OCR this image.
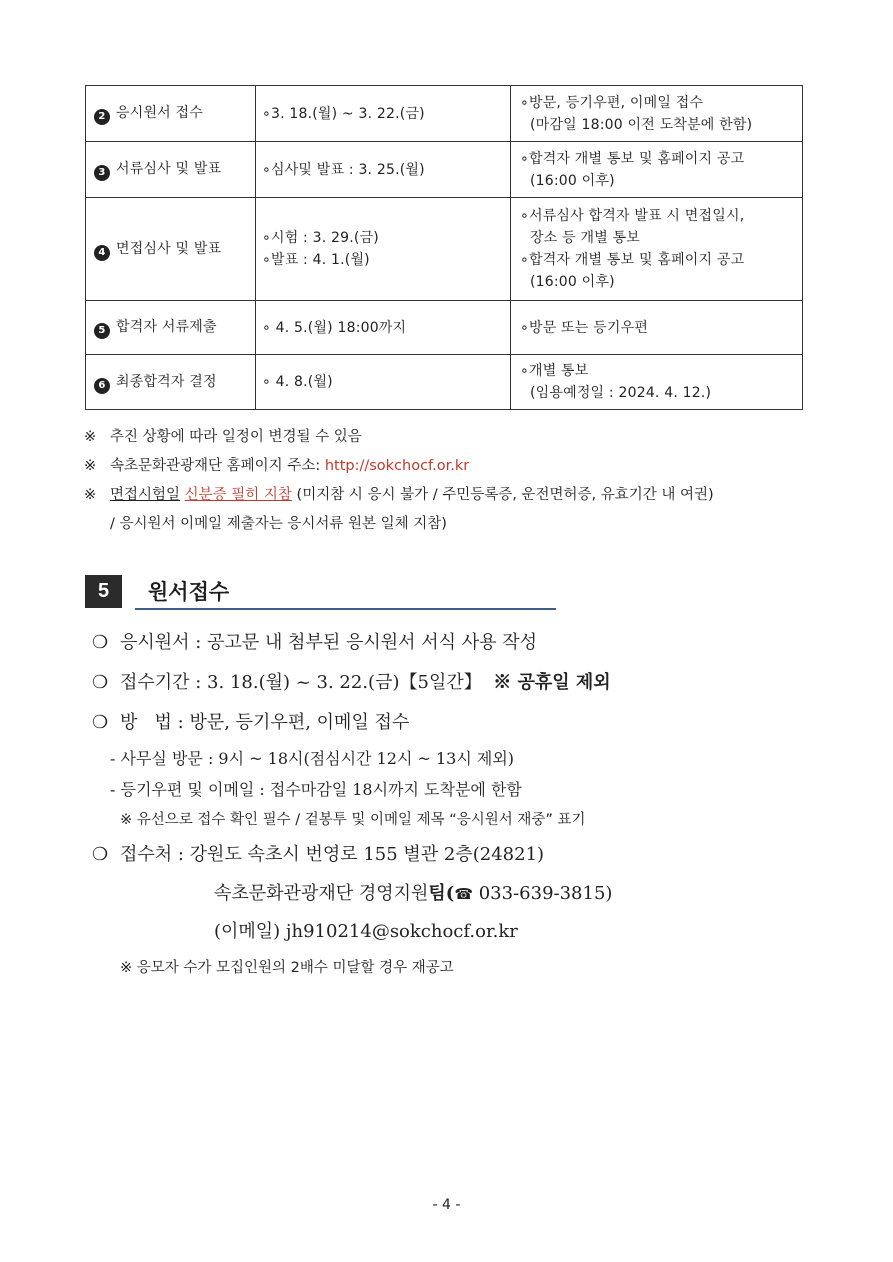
2 응시원서 접수	∘3. 18.(월) ~ 3. 22.(금)	∘방문, 등기우편, 이메일 접수
(마감일 18:00 이전 도착분에 한함)

3 서류심사 및 발표	∘심사및 발표 : 3. 25.(월)	∘합격자 개별 통보 및 홈페이지 공고
(16:00 이후)

4 면접심사 및 발표	∘시험 : 3. 29.(금)
∘발표 : 4. 1.(월)	∘서류심사 합격자 발표 시 면접일시,
장소 등 개별 통보
∘합격자 개별 통보 및 홈페이지 공고
(16:00 이후)

5 합격자 서류제출	∘ 4. 5.(월) 18:00까지	∘방문 또는 등기우편

6 최종합격자 결정	∘ 4. 8.(월)	∘개별 통보
(임용예정일 : 2024. 4. 12.)
※ 추진 상황에 따라 일정이 변경될 수 있음
※ 속초문화관광재단 홈페이지 주소: http://sokchocf.or.kr
※ 면접시험일 신분증 필히 지참 (미지참 시 응시 불가 / 주민등록증, 운전면허증, 유효기간 내 여권)
/ 응시원서 이메일 제출자는 응시서류 원본 일체 지참)
5	원서접수
❍ 응시원서 : 공고문 내 첨부된 응시원서 서식 사용 작성
❍ 접수기간 : 3. 18.(월) ~ 3. 22.(금)【5일간】 ※ 공휴일 제외
❍ 방   법 : 방문, 등기우편, 이메일 접수
- 사무실 방문 : 9시 ~ 18시(점심시간 12시 ~ 13시 제외)
- 등기우편 및 이메일 : 접수마감일 18시까지 도착분에 한함
※ 유선으로 접수 확인 필수 / 겉봉투 및 이메일 제목 “응시원서 재중” 표기
❍ 접수처 : 강원도 속초시 번영로 155 별관 2층(24821)
속초문화관광재단 경영지원팀(☎ 033-639-3815)
(이메일) jh910214@sokchocf.or.kr
※ 응모자 수가 모집인원의 2배수 미달할 경우 재공고
- 4 -
